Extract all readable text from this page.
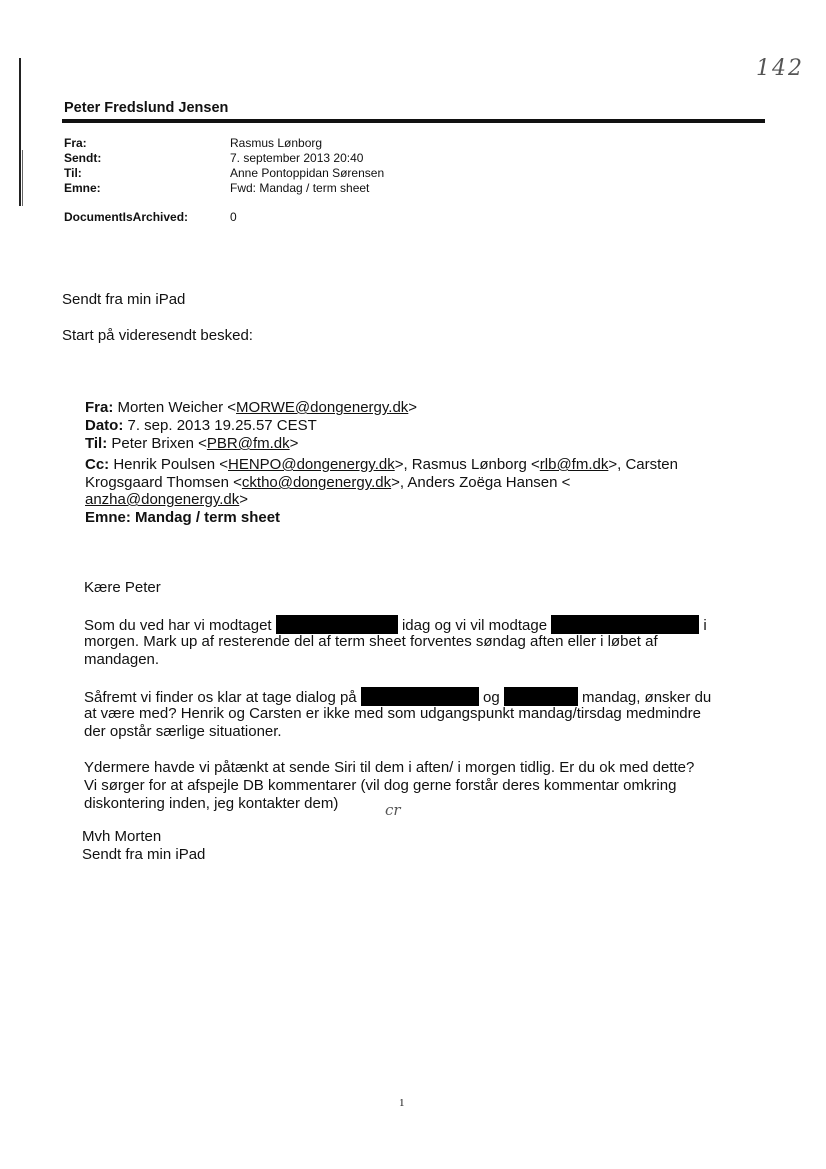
142
Peter Fredslund Jensen
Fra:	Rasmus Lønborg
Sendt:	7. september 2013 20:40
Til:	Anne Pontoppidan Sørensen
Emne:	Fwd: Mandag / term sheet
DocumentIsArchived:	0
Sendt fra min iPad
Start på videresendt besked:
Fra: Morten Weicher <MORWE@dongenergy.dk>
Dato: 7. sep. 2013 19.25.57 CEST
Til: Peter Brixen <PBR@fm.dk>
Cc: Henrik Poulsen <HENPO@dongenergy.dk>, Rasmus Lønborg <rlb@fm.dk>, Carsten
Krogsgaard Thomsen <cktho@dongenergy.dk>, Anders Zoëga Hansen <
anzha@dongenergy.dk>
Emne: Mandag / term sheet
Kære Peter
Som du ved har vi modtaget	idag og vi vil modtage	i
morgen. Mark up af resterende del af term sheet forventes søndag aften eller i løbet af
mandagen.
Såfremt vi finder os klar at tage dialog på	og	mandag, ønsker du
at være med? Henrik og Carsten er ikke med som udgangspunkt mandag/tirsdag medmindre
der opstår særlige situationer.
Ydermere havde vi påtænkt at sende Siri til dem i aften/ i morgen tidlig. Er du ok med dette?
Vi sørger for at afspejle DB kommentarer (vil dog gerne forstår deres kommentar omkring
diskontering inden, jeg kontakter dem)	cr
Mvh Morten
Sendt fra min iPad
1
